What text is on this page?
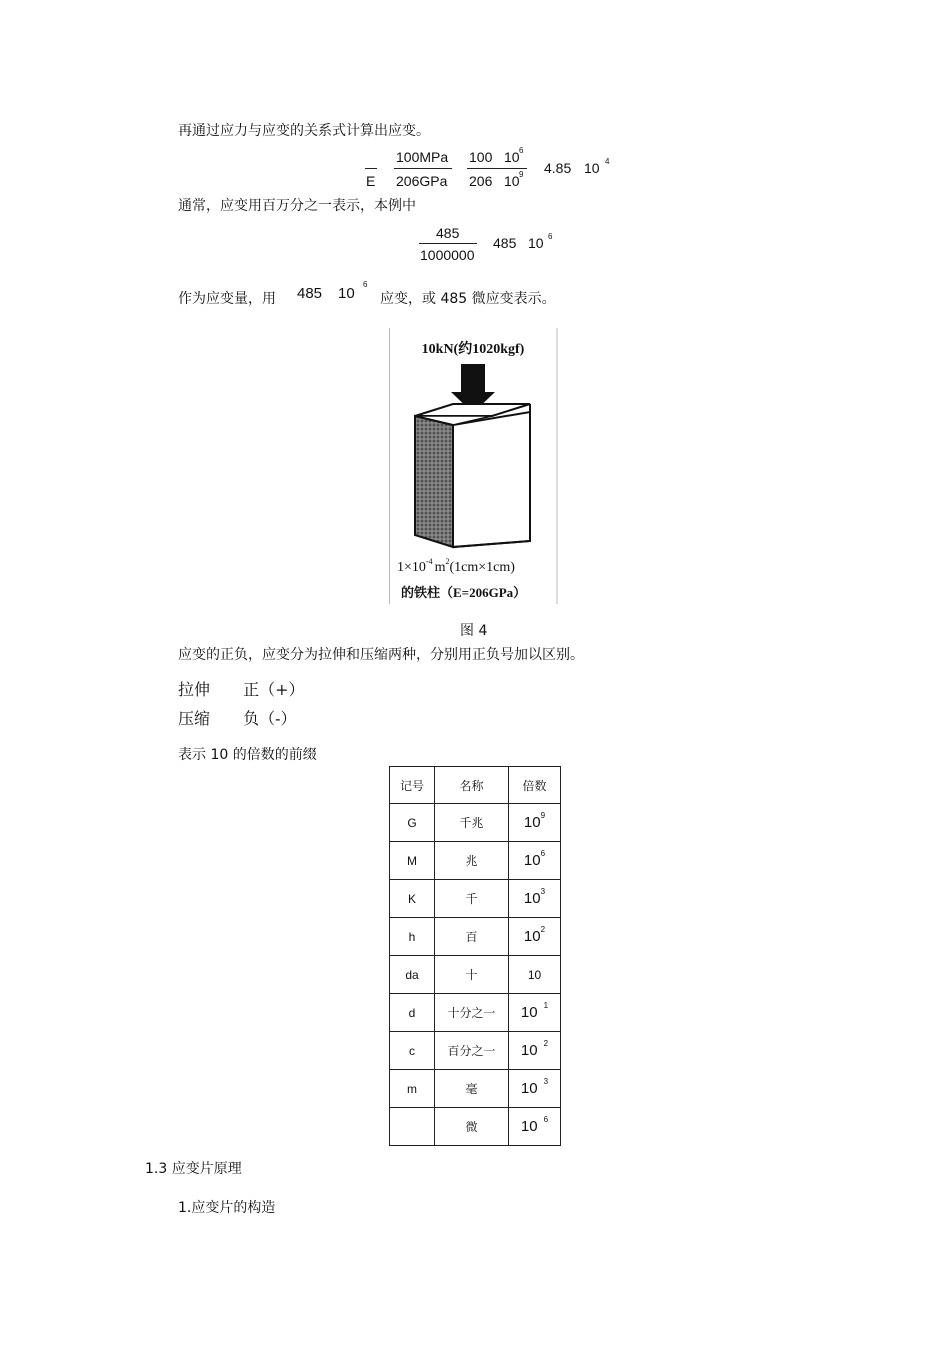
再通过应力与应变的关系式计算出应变。
E
100MPa
206GPa
100 10 6
206 10 9 4.85 10 4
通常，应变用百万分之一表示，本例中
485
1000000
485 10 6
作为应变量，用 485 10
6
应变，或 485 微应变表示。
10kN(约1020kgf)
$1\times 10^{-4}$ $m^2(1cm\times 1cm)$
的铁柱（E=206GPa）
图 4
应变的正负，应变分为拉伸和压缩两种，分别用正负号加以区别。
拉伸 正（+）
压缩 负（-）
表示 10 的倍数的前缀
记号	名称	倍数
G	千兆	$10^9$
M	兆	$10^6$
K	千	$10^3$
h	百	$10^2$
da	十	10
d	十分之一	10 $^1$
c	百分之一	10 $^2$
m	毫	10 $^3$
	微	10 $^6$
1.3 应变片原理
1.应变片的构造
